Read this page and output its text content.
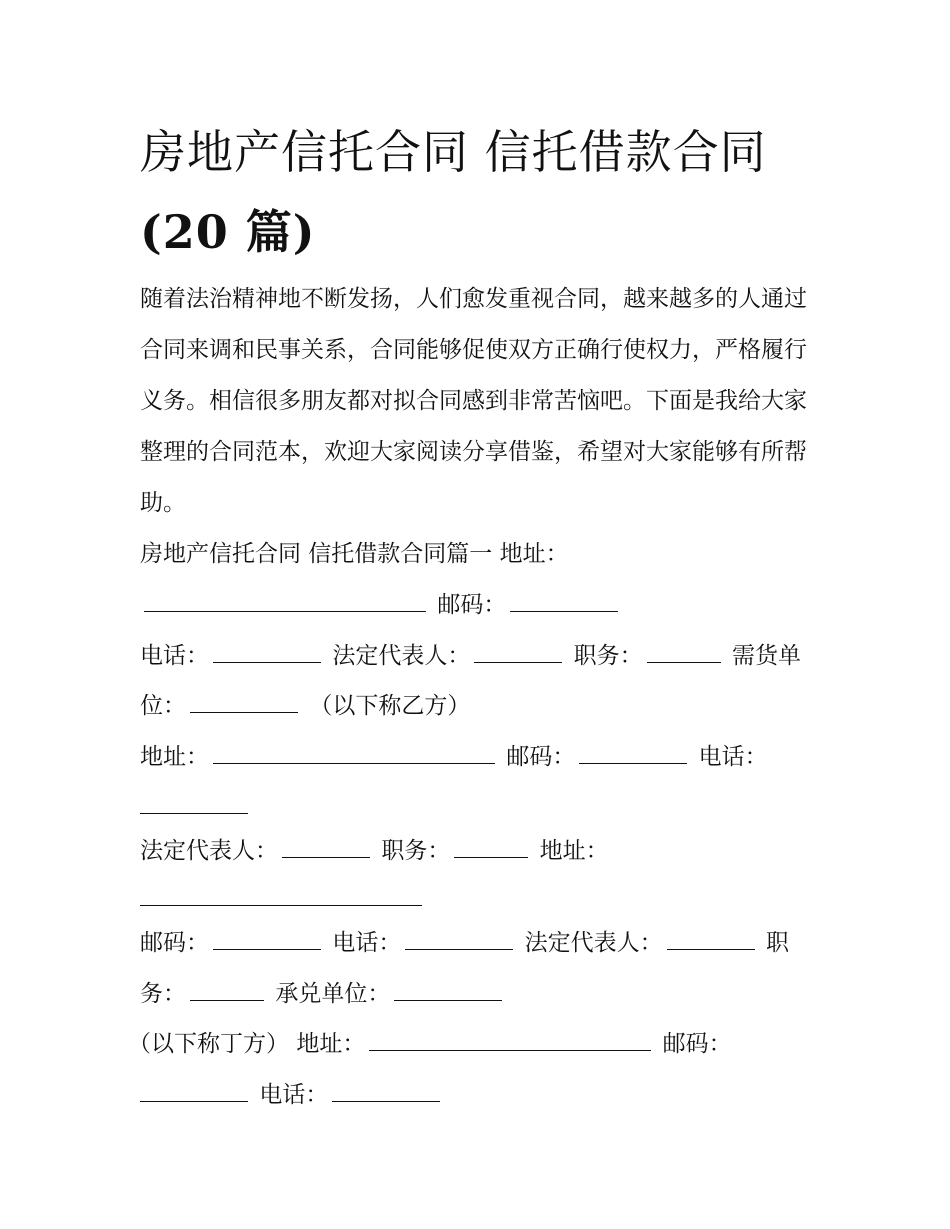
房地产信托合同 信托借款合同
(20 篇)
随着法治精神地不断发扬，人们愈发重视合同，越来越多的人通过合同来调和民事关系，合同能够促使双方正确行使权力，严格履行义务。相信很多朋友都对拟合同感到非常苦恼吧。下面是我给大家整理的合同范本，欢迎大家阅读分享借鉴，希望对大家能够有所帮助。
房地产信托合同 信托借款合同篇一 地址：
邮码：
电话：	法定代表人：	职务：	需货单
位：	（以下称乙方）
地址：	邮码：	电话：
法定代表人：	职务：	地址：
邮码：	电话：	法定代表人：	职
务：	承兑单位：
（以下称丁方） 地址：	邮码：
电话：
